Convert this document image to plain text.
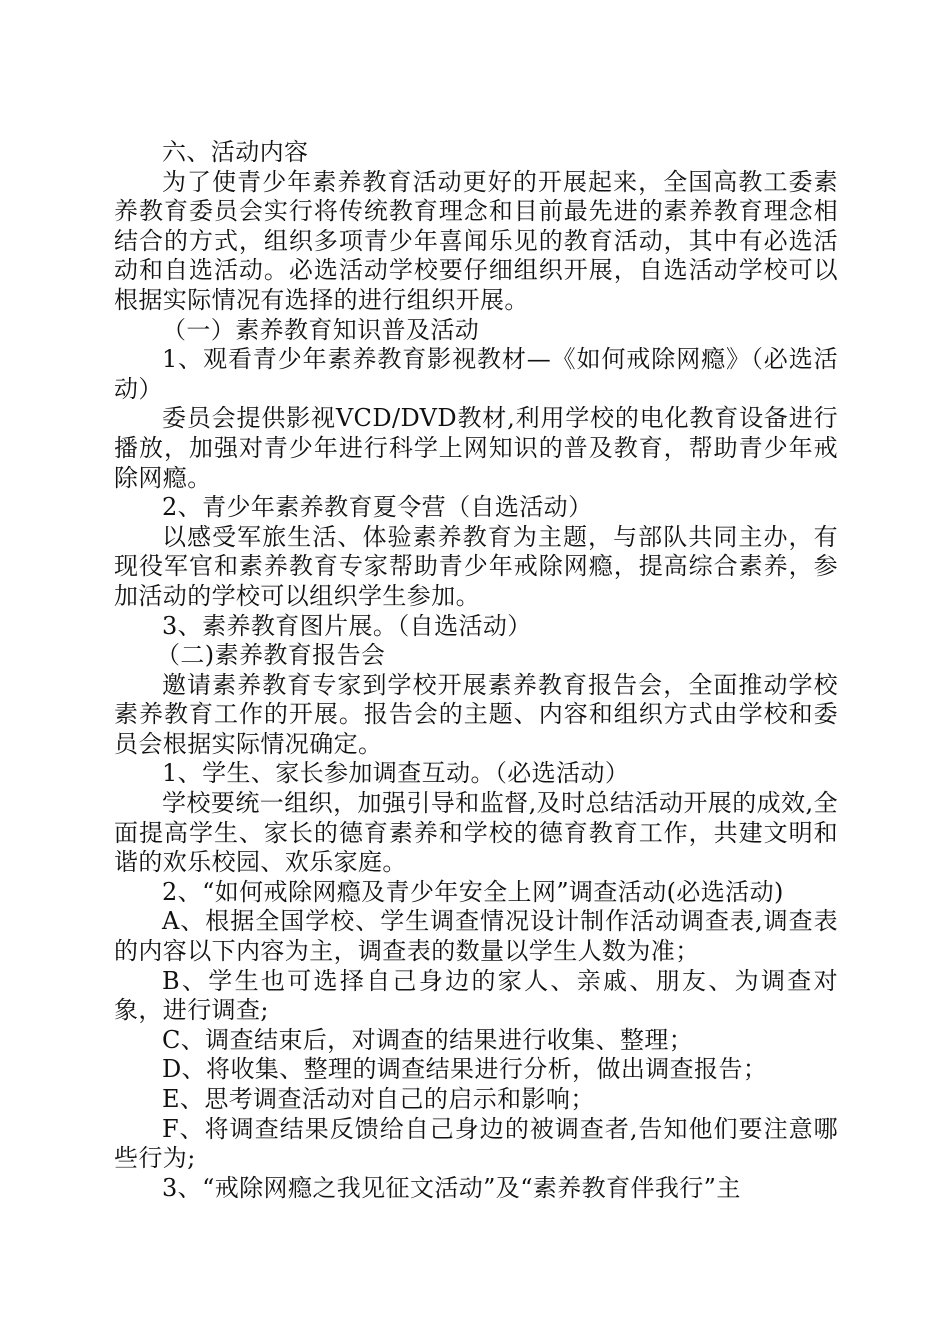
六、活动内容

为了使青少年素养教育活动更好的开展起来，全国高教工委素养教育委员会实行将传统教育理念和目前最先进的素养教育理念相结合的方式，组织多项青少年喜闻乐见的教育活动，其中有必选活动和自选活动。必选活动学校要仔细组织开展，自选活动学校可以根据实际情况有选择的进行组织开展。

（一）素养教育知识普及活动

1、观看青少年素养教育影视教材—《如何戒除网瘾》（必选活动）

委员会提供影视VCD/DVD教材,利用学校的电化教育设备进行播放，加强对青少年进行科学上网知识的普及教育，帮助青少年戒除网瘾。

2、青少年素养教育夏令营（自选活动）

以感受军旅生活、体验素养教育为主题，与部队共同主办，有现役军官和素养教育专家帮助青少年戒除网瘾，提高综合素养，参加活动的学校可以组织学生参加。

3、素养教育图片展。（自选活动）

（二)素养教育报告会

邀请素养教育专家到学校开展素养教育报告会，全面推动学校素养教育工作的开展。报告会的主题、内容和组织方式由学校和委员会根据实际情况确定。

1、学生、家长参加调查互动。（必选活动）

学校要统一组织，加强引导和监督,及时总结活动开展的成效,全面提高学生、家长的德育素养和学校的德育教育工作，共建文明和谐的欢乐校园、欢乐家庭。

2、“如何戒除网瘾及青少年安全上网”调查活动(必选活动)

A、根据全国学校、学生调查情况设计制作活动调查表,调查表的内容以下内容为主，调查表的数量以学生人数为准；

B、学生也可选择自己身边的家人、亲戚、朋友、为调查对象，进行调查;

C、调查结束后，对调查的结果进行收集、整理；

D、将收集、整理的调查结果进行分析，做出调查报告；

E、思考调查活动对自己的启示和影响；

F、将调查结果反馈给自己身边的被调查者,告知他们要注意哪些行为;

3、“戒除网瘾之我见征文活动”及“素养教育伴我行”主
